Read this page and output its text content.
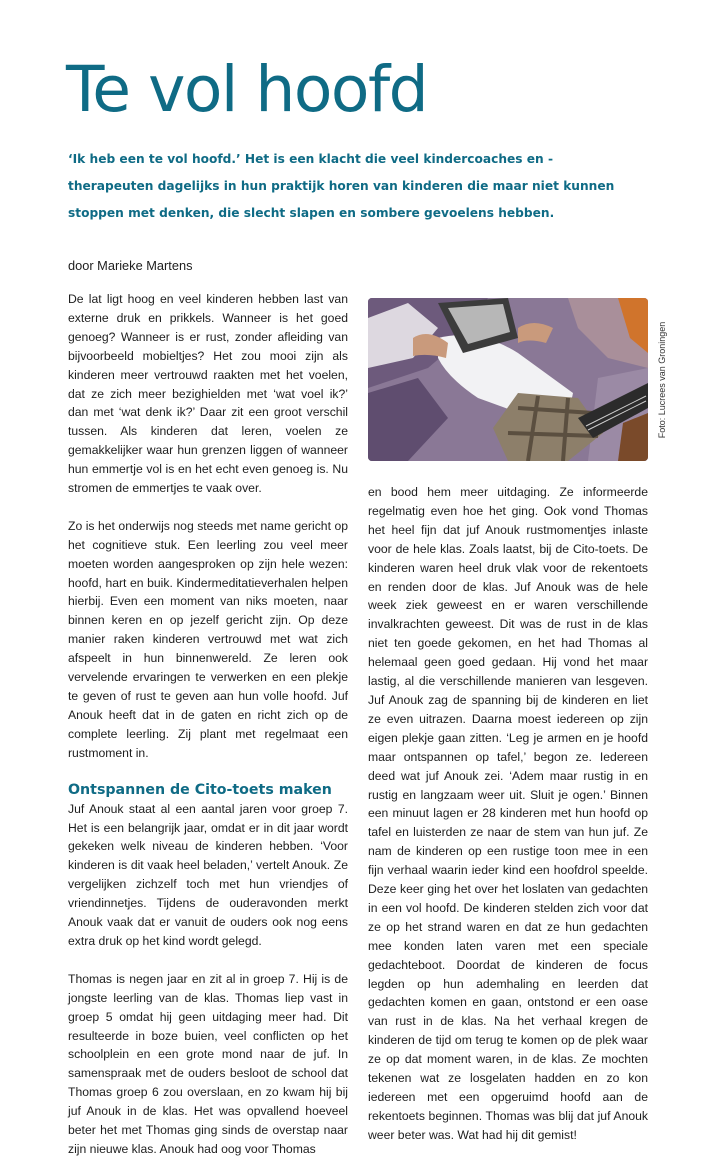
Te vol hoofd

‘Ik heb een te vol hoofd.’ Het is een klacht die veel kindercoaches en -therapeuten dagelijks in hun praktijk horen van kinderen die maar niet kunnen stoppen met denken, die slecht slapen en sombere gevoelens hebben.

door Marieke Martens

De lat ligt hoog en veel kinderen hebben last van externe druk en prikkels. Wanneer is het goed genoeg? Wanneer is er rust, zonder afleiding van bijvoorbeeld mobieltjes? Het zou mooi zijn als kinderen meer vertrouwd raakten met het voelen, dat ze zich meer bezighielden met ‘wat voel ik?’ dan met ‘wat denk ik?’ Daar zit een groot verschil tussen. Als kinderen dat leren, voelen ze gemakkelijker waar hun grenzen liggen of wanneer hun emmertje vol is en het echt even genoeg is. Nu stromen de emmertjes te vaak over.

Zo is het onderwijs nog steeds met name gericht op het cognitieve stuk. Een leerling zou veel meer moeten worden aangesproken op zijn hele wezen: hoofd, hart en buik. Kindermeditatieverhalen helpen hierbij. Even een moment van niks moeten, naar binnen keren en op jezelf gericht zijn. Op deze manier raken kinderen vertrouwd met wat zich afspeelt in hun binnenwereld. Ze leren ook vervelende ervaringen te verwerken en een plekje te geven of rust te geven aan hun volle hoofd. Juf Anouk heeft dat in de gaten en richt zich op de complete leerling. Zij plant met regelmaat een rustmoment in.

Ontspannen de Cito-toets maken

Juf Anouk staat al een aantal jaren voor groep 7. Het is een belangrijk jaar, omdat er in dit jaar wordt gekeken welk niveau de kinderen hebben. ‘Voor kinderen is dit vaak heel beladen,’ vertelt Anouk. Ze vergelijken zichzelf toch met hun vriendjes of vriendinnetjes. Tijdens de ouderavonden merkt Anouk vaak dat er vanuit de ouders ook nog eens extra druk op het kind wordt gelegd.

Thomas is negen jaar en zit al in groep 7. Hij is de jongste leerling van de klas. Thomas liep vast in groep 5 omdat hij geen uitdaging meer had. Dit resulteerde in boze buien, veel conflicten op het schoolplein en een grote mond naar de juf. In samenspraak met de ouders besloot de school dat Thomas groep 6 zou overslaan, en zo kwam hij bij juf Anouk in de klas. Het was opvallend hoeveel beter het met Thomas ging sinds de overstap naar zijn nieuwe klas. Anouk had oog voor Thomas

Foto: Lucrees van Groningen

en bood hem meer uitdaging. Ze informeerde regelmatig even hoe het ging. Ook vond Thomas het heel fijn dat juf Anouk rustmomentjes inlaste voor de hele klas. Zoals laatst, bij de Cito-toets. De kinderen waren heel druk vlak voor de rekentoets en renden door de klas. Juf Anouk was de hele week ziek geweest en er waren verschillende invalkrachten geweest. Dit was de rust in de klas niet ten goede gekomen, en het had Thomas al helemaal geen goed gedaan. Hij vond het maar lastig, al die verschillende manieren van lesgeven. Juf Anouk zag de spanning bij de kinderen en liet ze even uitrazen. Daarna moest iedereen op zijn eigen plekje gaan zitten. ‘Leg je armen en je hoofd maar ontspannen op tafel,’ begon ze. Iedereen deed wat juf Anouk zei. ‘Adem maar rustig in en rustig en langzaam weer uit. Sluit je ogen.’ Binnen een minuut lagen er 28 kinderen met hun hoofd op tafel en luisterden ze naar de stem van hun juf. Ze nam de kinderen op een rustige toon mee in een fijn verhaal waarin ieder kind een hoofdrol speelde. Deze keer ging het over het loslaten van gedachten in een vol hoofd. De kinderen stelden zich voor dat ze op het strand waren en dat ze hun gedachten mee konden laten varen met een speciale gedachteboot. Doordat de kinderen de focus legden op hun ademhaling en leerden dat gedachten komen en gaan, ontstond er een oase van rust in de klas. Na het verhaal kregen de kinderen de tijd om terug te komen op de plek waar ze op dat moment waren, in de klas. Ze mochten tekenen wat ze losgelaten hadden en zo kon iedereen met een opgeruimd hoofd aan de rekentoets beginnen. Thomas was blij dat juf Anouk weer beter was. Wat had hij dit gemist!
